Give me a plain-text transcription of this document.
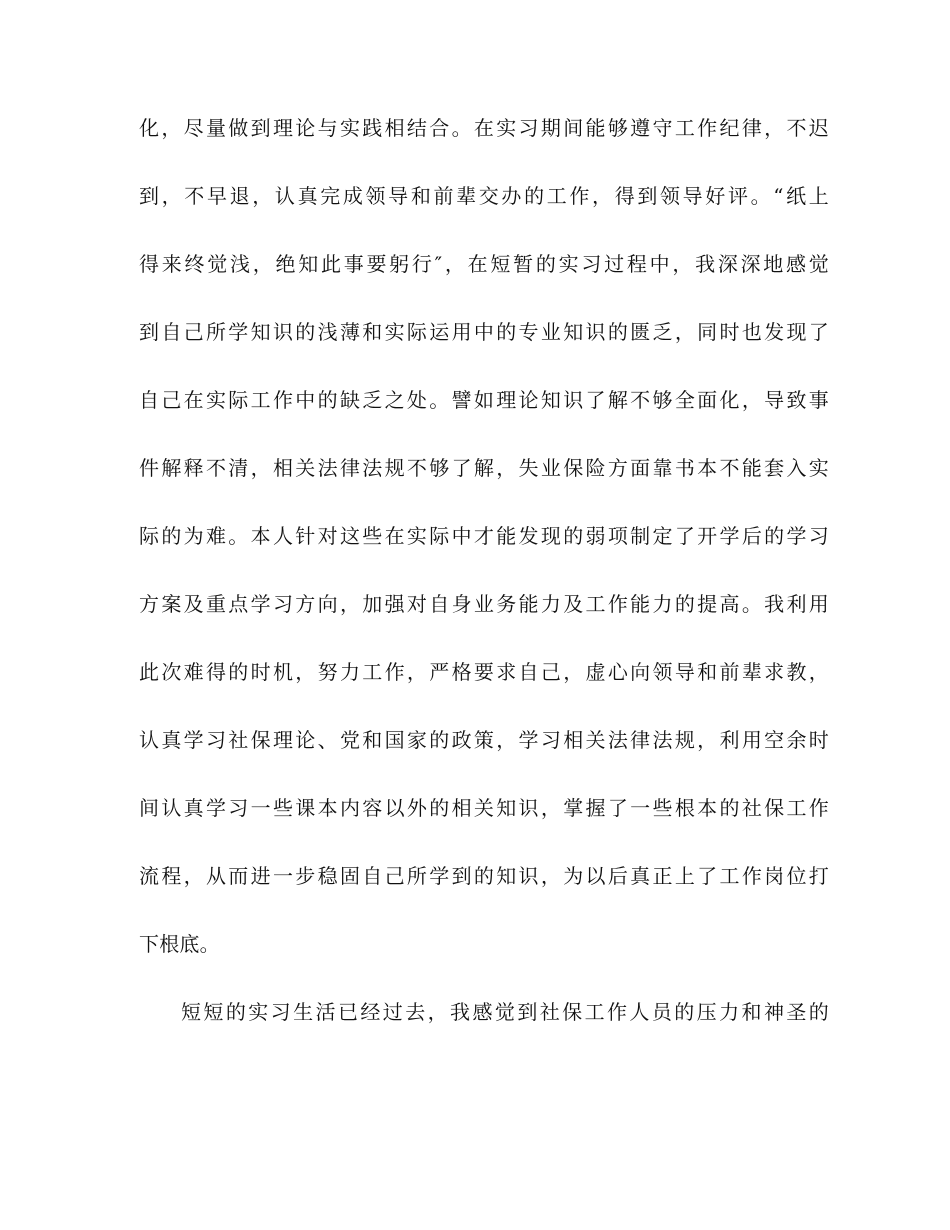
化，尽量做到理论与实践相结合。在实习期间能够遵守工作纪律，不迟

到，不早退，认真完成领导和前辈交办的工作，得到领导好评。“纸上

得来终觉浅，绝知此事要躬行″，在短暂的实习过程中，我深深地感觉

到自己所学知识的浅薄和实际运用中的专业知识的匮乏，同时也发现了

自己在实际工作中的缺乏之处。譬如理论知识了解不够全面化，导致事

件解释不清，相关法律法规不够了解，失业保险方面靠书本不能套入实

际的为难。本人针对这些在实际中才能发现的弱项制定了开学后的学习

方案及重点学习方向，加强对自身业务能力及工作能力的提高。我利用

此次难得的时机，努力工作，严格要求自己，虚心向领导和前辈求教，

认真学习社保理论、党和国家的政策，学习相关法律法规，利用空余时

间认真学习一些课本内容以外的相关知识，掌握了一些根本的社保工作

流程，从而进一步稳固自己所学到的知识，为以后真正上了工作岗位打

下根底。

短短的实习生活已经过去，我感觉到社保工作人员的压力和神圣的
